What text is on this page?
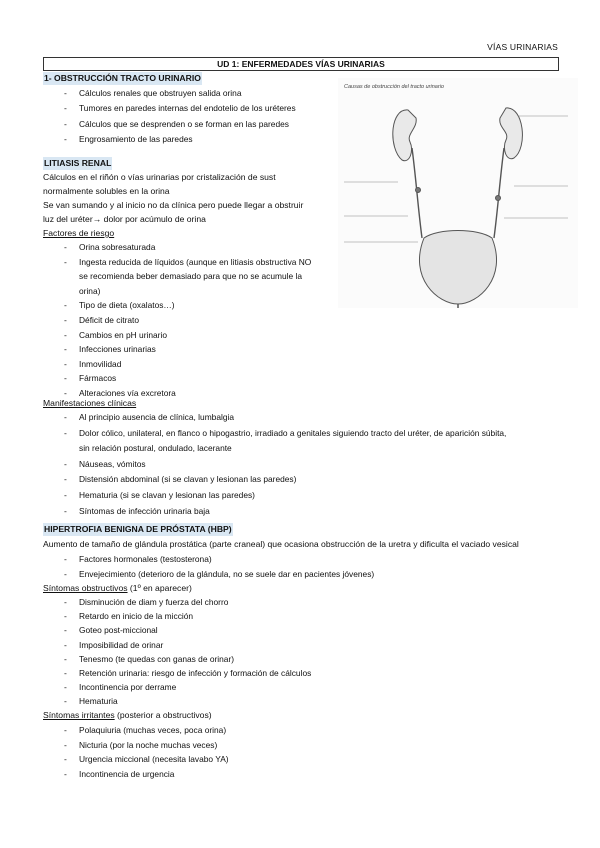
VÍAS URINARIAS
UD 1: ENFERMEDADES VÍAS URINARIAS
1- OBSTRUCCIÓN TRACTO URINARIO
- Cálculos renales que obstruyen salida orina
- Tumores en paredes internas del endotelio de los uréteres
- Cálculos que se desprenden o se forman en las paredes
- Engrosamiento de las paredes
LITIASIS RENAL
Cálculos en el riñón o vías urinarias por cristalización de sust
normalmente solubles en la orina
Se van sumando y al inicio no da clínica pero puede llegar a obstruir
luz del uréter→ dolor por acúmulo de orina
Factores de riesgo
- Orina sobresaturada
- Ingesta reducida de líquidos (aunque en litiasis obstructiva NO
se recomienda beber demasiado para que no se acumule la
orina)
- Tipo de dieta (oxalatos…)
- Déficit de citrato
- Cambios en pH urinario
- Infecciones urinarias
- Inmovilidad
- Fármacos
- Alteraciones vía excretora
Manifestaciones clínicas
- Al principio ausencia de clínica, lumbalgia
- Dolor cólico, unilateral, en flanco o hipogastrio, irradiado a genitales siguiendo tracto del uréter, de aparición súbita,
sin relación postural, ondulado, lacerante
- Náuseas, vómitos
- Distensión abdominal (si se clavan y lesionan las paredes)
- Hematuria (si se clavan y lesionan las paredes)
- Síntomas de infección urinaria baja
HIPERTROFIA BENIGNA DE PRÓSTATA (HBP)
Aumento de tamaño de glándula prostática (parte craneal) que ocasiona obstrucción de la uretra y dificulta el vaciado vesical
- Factores hormonales (testosterona)
- Envejecimiento (deterioro de la glándula, no se suele dar en pacientes jóvenes)
Síntomas obstructivos (1º en aparecer)
- Disminución de diam y fuerza del chorro
- Retardo en inicio de la micción
- Goteo post-miccional
- Imposibilidad de orinar
- Tenesmo (te quedas con ganas de orinar)
- Retención urinaria: riesgo de infección y formación de cálculos
- Incontinencia por derrame
- Hematuria
Síntomas irritantes (posterior a obstructivos)
- Polaquiuria (muchas veces, poca orina)
- Nicturia (por la noche muchas veces)
- Urgencia miccional (necesita lavabo YA)
- Incontinencia de urgencia
Causas de obstrucción del tracto urinario
